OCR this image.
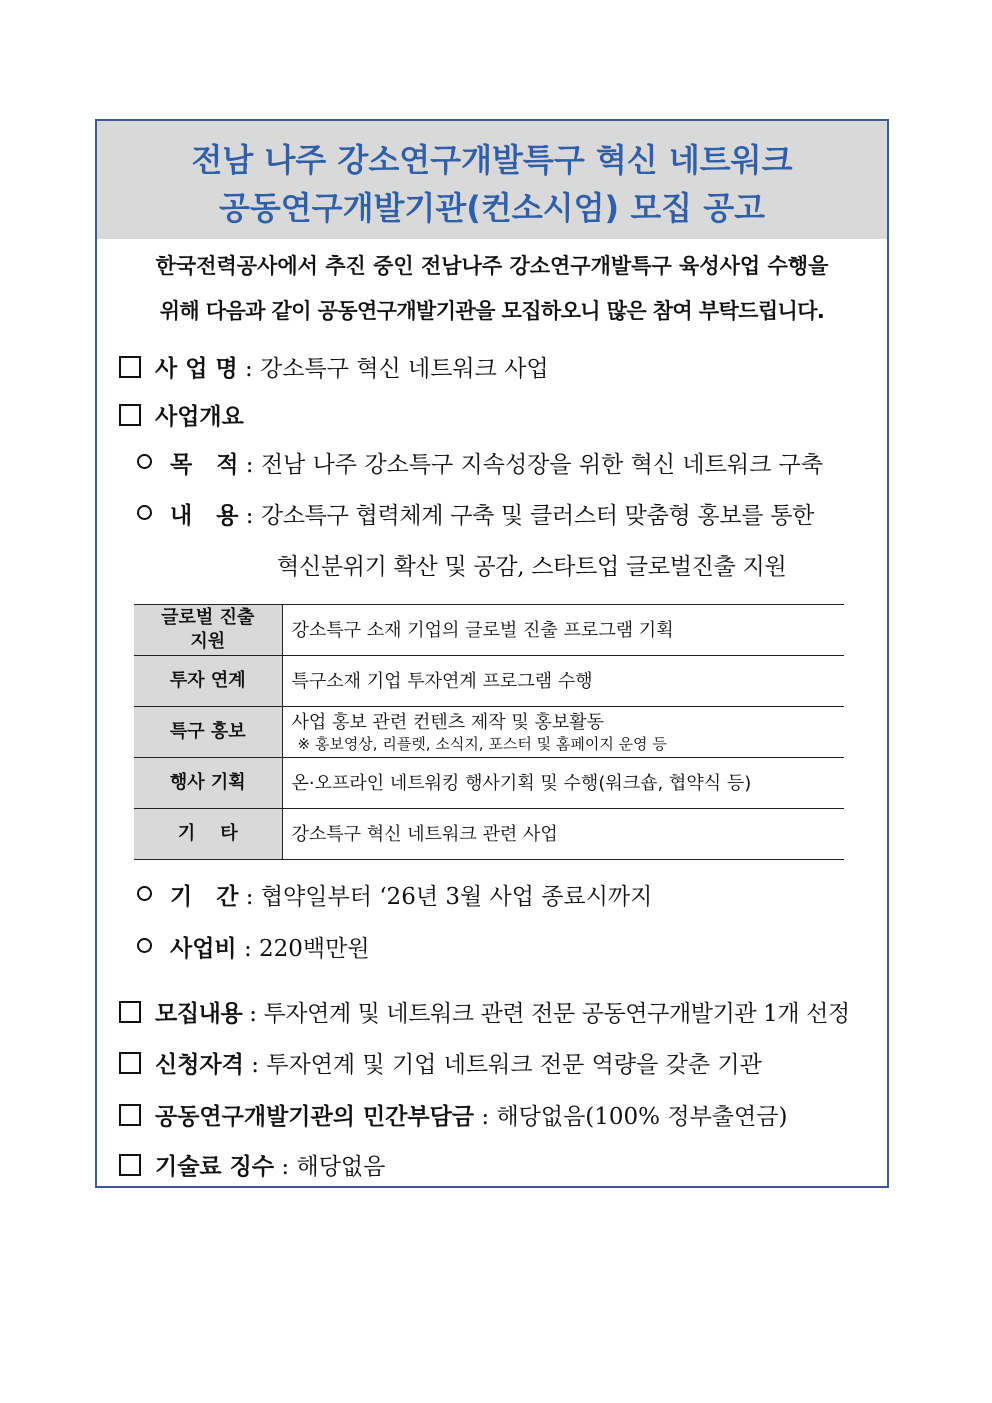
전남 나주 강소연구개발특구 혁신 네트워크
공동연구개발기관(컨소시엄) 모집 공고
한국전력공사에서 추진 중인 전남나주 강소연구개발특구 육성사업 수행을
위해 다음과 같이 공동연구개발기관을 모집하오니 많은 참여 부탁드립니다.
사 업 명 : 강소특구 혁신 네트워크 사업
사업개요
목   적 : 전남 나주 강소특구 지속성장을 위한 혁신 네트워크 구축
내   용 : 강소특구 협력체계 구축 및 클러스터 맞춤형 홍보를 통한
혁신분위기 확산 및 공감, 스타트업 글로벌진출 지원
글로벌 진출
지원	강소특구 소재 기업의 글로벌 진출 프로그램 기획
투자 연계	특구소재 기업 투자연계 프로그램 수행
특구 홍보	사업 홍보 관련 컨텐츠 제작 및 홍보활동
※ 홍보영상, 리플렛, 소식지, 포스터 및 홈페이지 운영 등

행사 기획	온·오프라인 네트워킹 행사기획 및 수행(워크숍, 협약식 등)
기    타	강소특구 혁신 네트워크 관련 사업
기   간 : 협약일부터 ‘26년 3월 사업 종료시까지
사업비 : 220백만원
모집내용 : 투자연계 및 네트워크 관련 전문 공동연구개발기관 1개 선정
신청자격 : 투자연계 및 기업 네트워크 전문 역량을 갖춘 기관
공동연구개발기관의 민간부담금 : 해당없음(100% 정부출연금)
기술료 징수 : 해당없음
